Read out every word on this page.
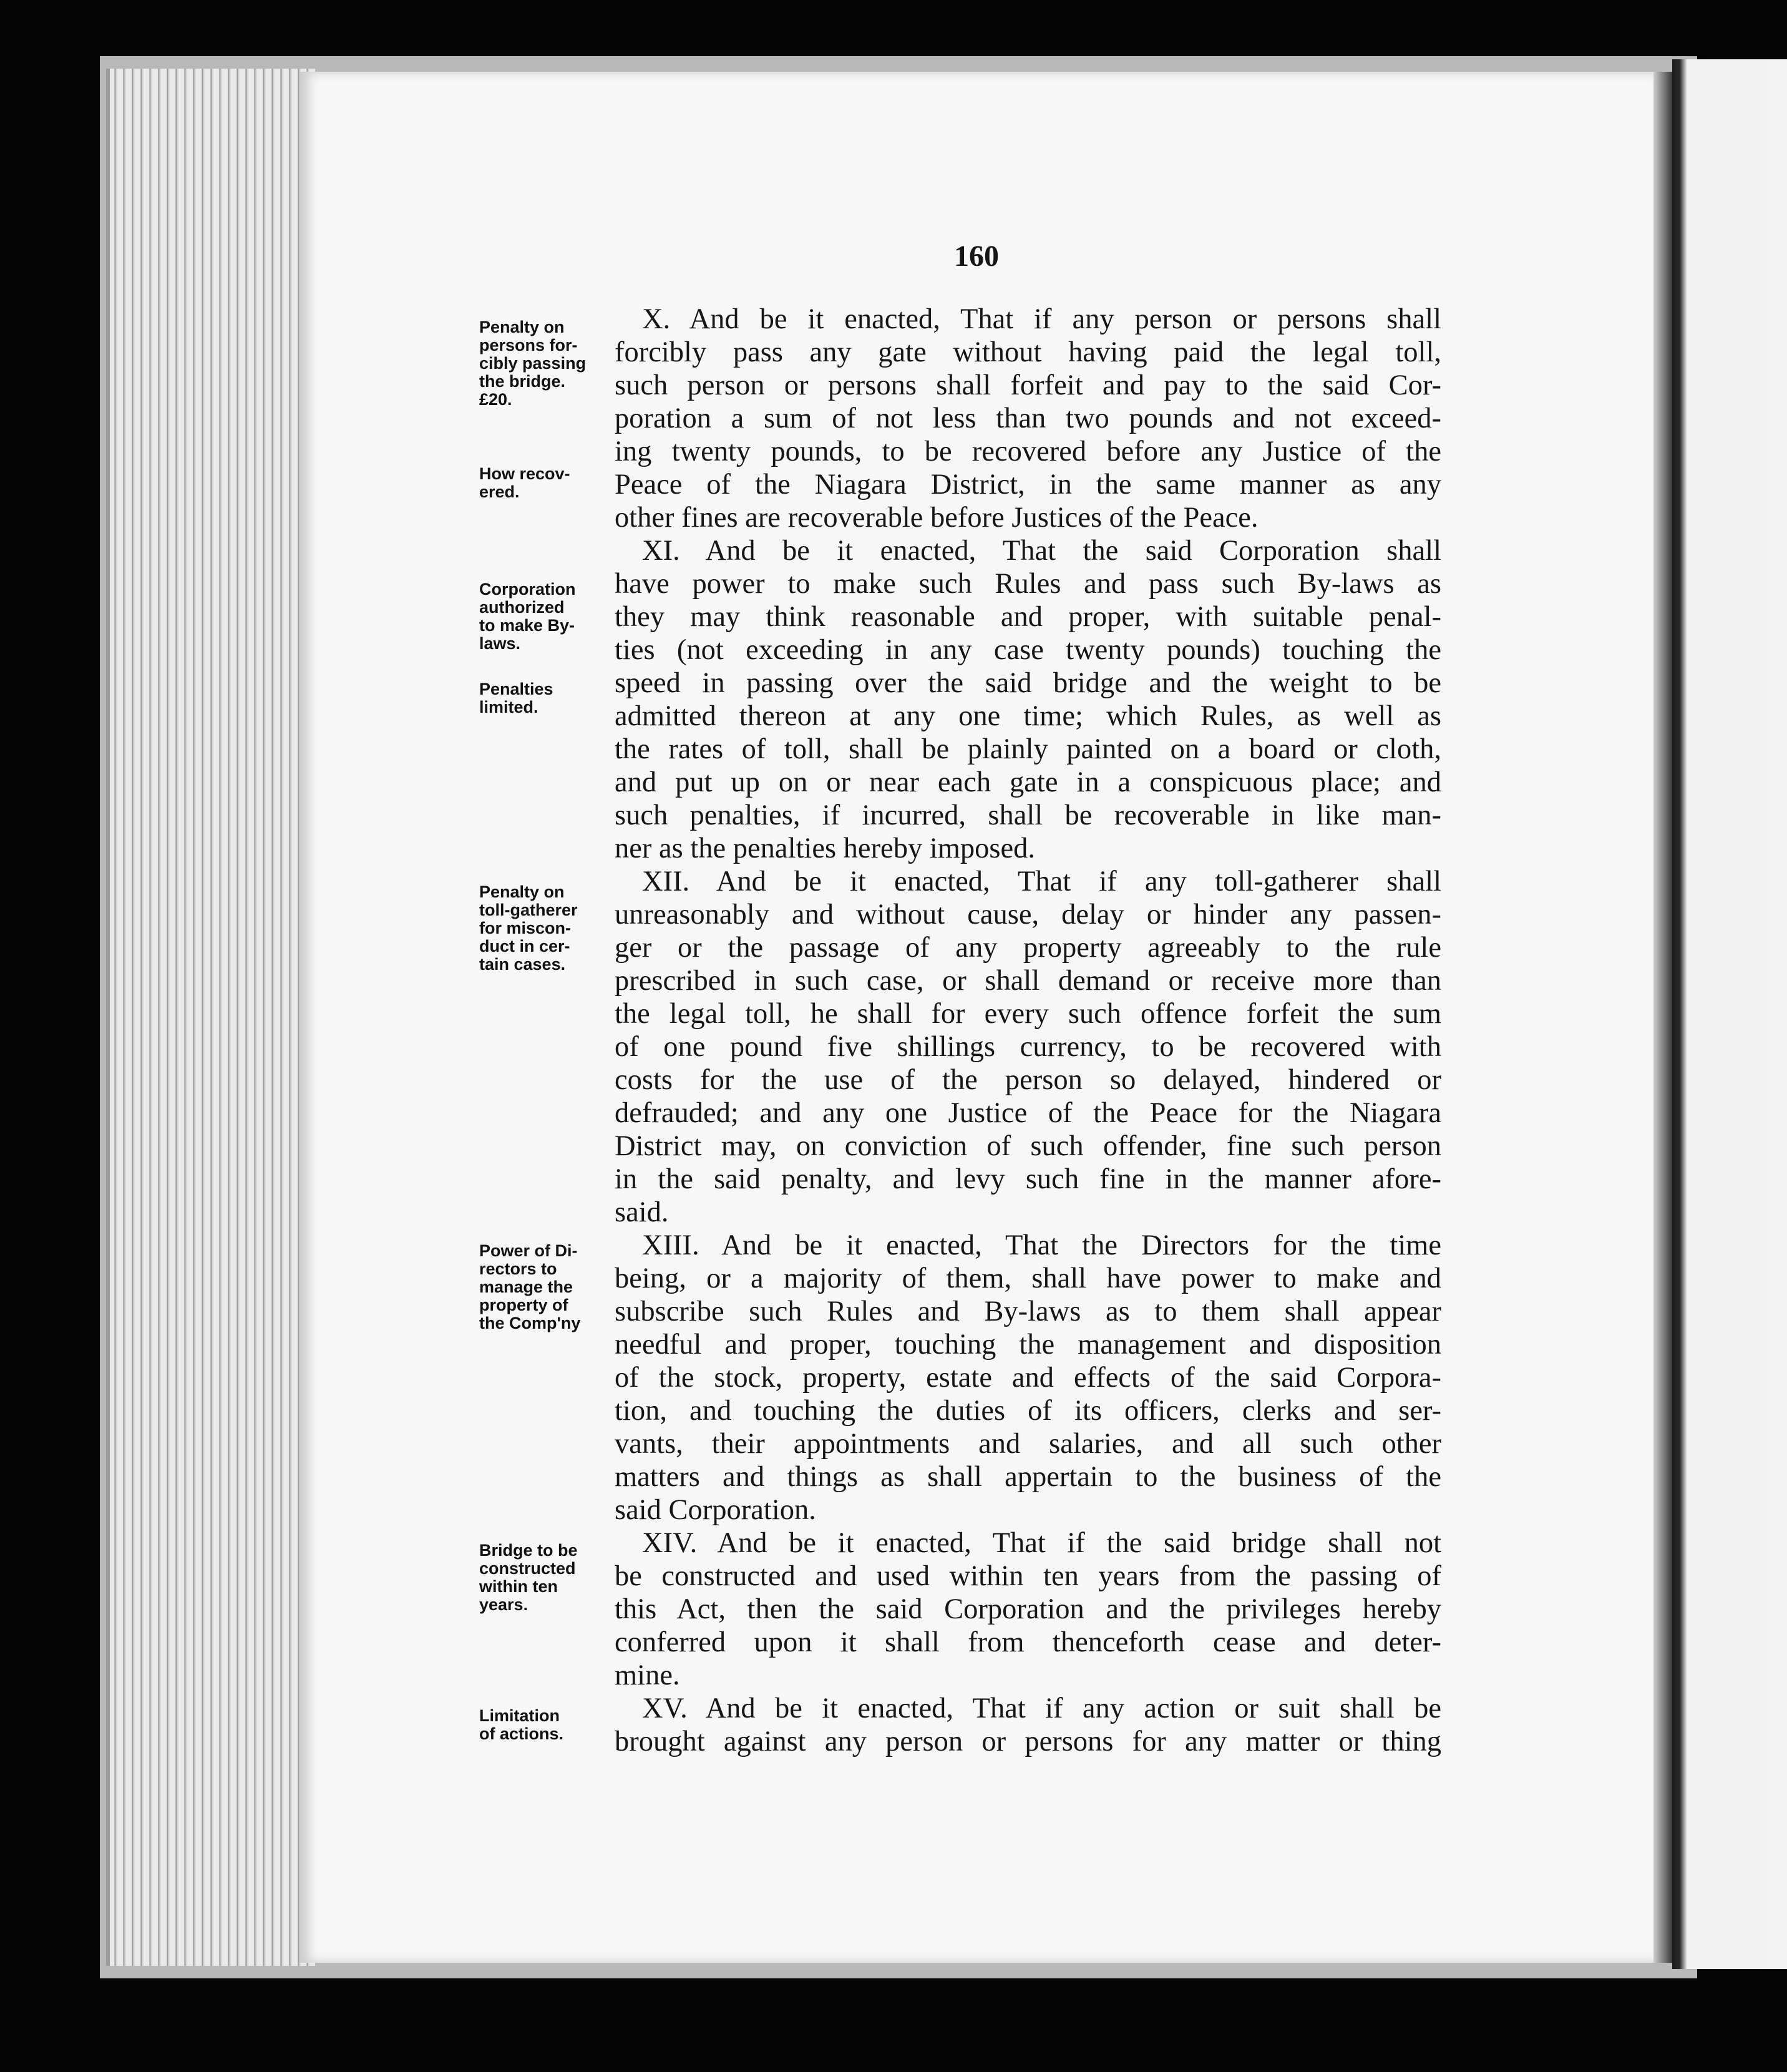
160
Penalty on
persons for-
cibly passing
the bridge.
£20.
How recov-
ered.
Corporation
authorized
to make By-
laws.
Penalties
limited.
Penalty on
toll-gatherer
for miscon-
duct in cer-
tain cases.
Power of Di-
rectors to
manage the
property of
the Comp'ny
Bridge to be
constructed
within ten
years.
Limitation
of actions.
X. And be it enacted, That if any person or persons shall
forcibly pass any gate without having paid the legal toll,
such person or persons shall forfeit and pay to the said Cor-
poration a sum of not less than two pounds and not exceed-
ing twenty pounds, to be recovered before any Justice of the
Peace of the Niagara District, in the same manner as any
other fines are recoverable before Justices of the Peace.
XI. And be it enacted, That the said Corporation shall
have power to make such Rules and pass such By-laws as
they may think reasonable and proper, with suitable penal-
ties (not exceeding in any case twenty pounds) touching the
speed in passing over the said bridge and the weight to be
admitted thereon at any one time; which Rules, as well as
the rates of toll, shall be plainly painted on a board or cloth,
and put up on or near each gate in a conspicuous place; and
such penalties, if incurred, shall be recoverable in like man-
ner as the penalties hereby imposed.
XII. And be it enacted, That if any toll-gatherer shall
unreasonably and without cause, delay or hinder any passen-
ger or the passage of any property agreeably to the rule
prescribed in such case, or shall demand or receive more than
the legal toll, he shall for every such offence forfeit the sum
of one pound five shillings currency, to be recovered with
costs for the use of the person so delayed, hindered or
defrauded; and any one Justice of the Peace for the Niagara
District may, on conviction of such offender, fine such person
in the said penalty, and levy such fine in the manner afore-
said.
XIII. And be it enacted, That the Directors for the time
being, or a majority of them, shall have power to make and
subscribe such Rules and By-laws as to them shall appear
needful and proper, touching the management and disposition
of the stock, property, estate and effects of the said Corpora-
tion, and touching the duties of its officers, clerks and ser-
vants, their appointments and salaries, and all such other
matters and things as shall appertain to the business of the
said Corporation.
XIV. And be it enacted, That if the said bridge shall not
be constructed and used within ten years from the passing of
this Act, then the said Corporation and the privileges hereby
conferred upon it shall from thenceforth cease and deter-
mine.
XV. And be it enacted, That if any action or suit shall be
brought against any person or persons for any matter or thing
